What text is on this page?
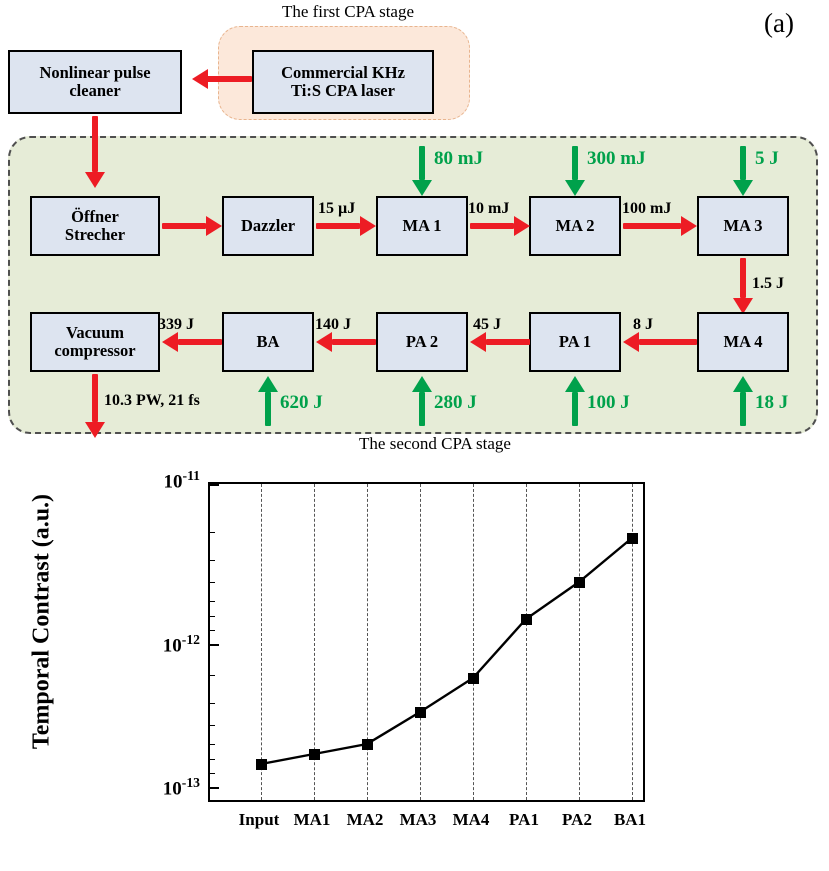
(a)
The first CPA stage
The second CPA stage
Nonlinear pulse
cleaner
Commercial KHz
Ti:S CPA laser
Öffner
Strecher	Dazzler	MA 1	MA 2	MA 3
15 µJ	10 mJ	100 mJ
80 mJ	300 mJ	5 J
1.5 J
Vacuum
compressor	BA	PA 2	PA 1	MA 4
8 J
45 J
140 J
339 J
18 J
100 J
280 J
620 J
10.3 PW, 21 fs
Temporal Contrast (a.u.)
$10^{-11}$
$10^{-12}$
$10^{-13}$
Input MA1 MA2 MA3 MA4	PA1	PA2	BA1
